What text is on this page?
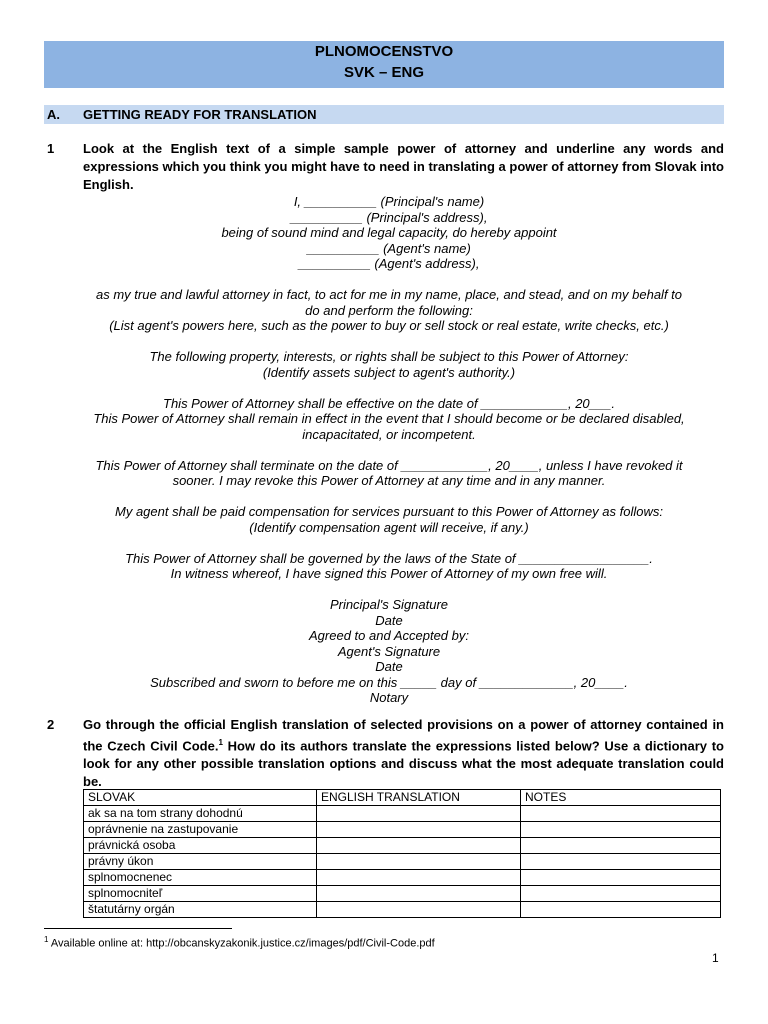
PLNOMOCENSTVO
SVK – ENG
A. GETTING READY FOR TRANSLATION
1 Look at the English text of a simple sample power of attorney and underline any words and expressions which you think you might have to need in translating a power of attorney from Slovak into English.
I, __________ (Principal's name)
__________ (Principal's address),
being of sound mind and legal capacity, do hereby appoint
__________ (Agent's name)
__________ (Agent's address),
as my true and lawful attorney in fact, to act for me in my name, place, and stead, and on my behalf to
do and perform the following:
(List agent's powers here, such as the power to buy or sell stock or real estate, write checks, etc.)
The following property, interests, or rights shall be subject to this Power of Attorney:
(Identify assets subject to agent's authority.)
This Power of Attorney shall be effective on the date of ____________, 20___.
This Power of Attorney shall remain in effect in the event that I should become or be declared disabled,
incapacitated, or incompetent.
This Power of Attorney shall terminate on the date of ____________, 20____, unless I have revoked it
sooner. I may revoke this Power of Attorney at any time and in any manner.
My agent shall be paid compensation for services pursuant to this Power of Attorney as follows:
(Identify compensation agent will receive, if any.)
This Power of Attorney shall be governed by the laws of the State of __________________.
In witness whereof, I have signed this Power of Attorney of my own free will.
Principal's Signature
Date
Agreed to and Accepted by:
Agent's Signature
Date
Subscribed and sworn to before me on this _____ day of _____________, 20____.
Notary
2 Go through the official English translation of selected provisions on a power of attorney contained in the Czech Civil Code.$^1$ How do its authors translate the expressions listed below? Use a dictionary to look for any other possible translation options and discuss what the most adequate translation could be.
SLOVAK	ENGLISH TRANSLATION	NOTES
ak sa na tom strany dohodnú		
oprávnenie na zastupovanie		
právnická osoba		
právny úkon		
splnomocnenec		
splnomocniteľ		
štatutárny orgán		
$^1$ Available online at: http://obcanskyzakonik.justice.cz/images/pdf/Civil-Code.pdf
1
